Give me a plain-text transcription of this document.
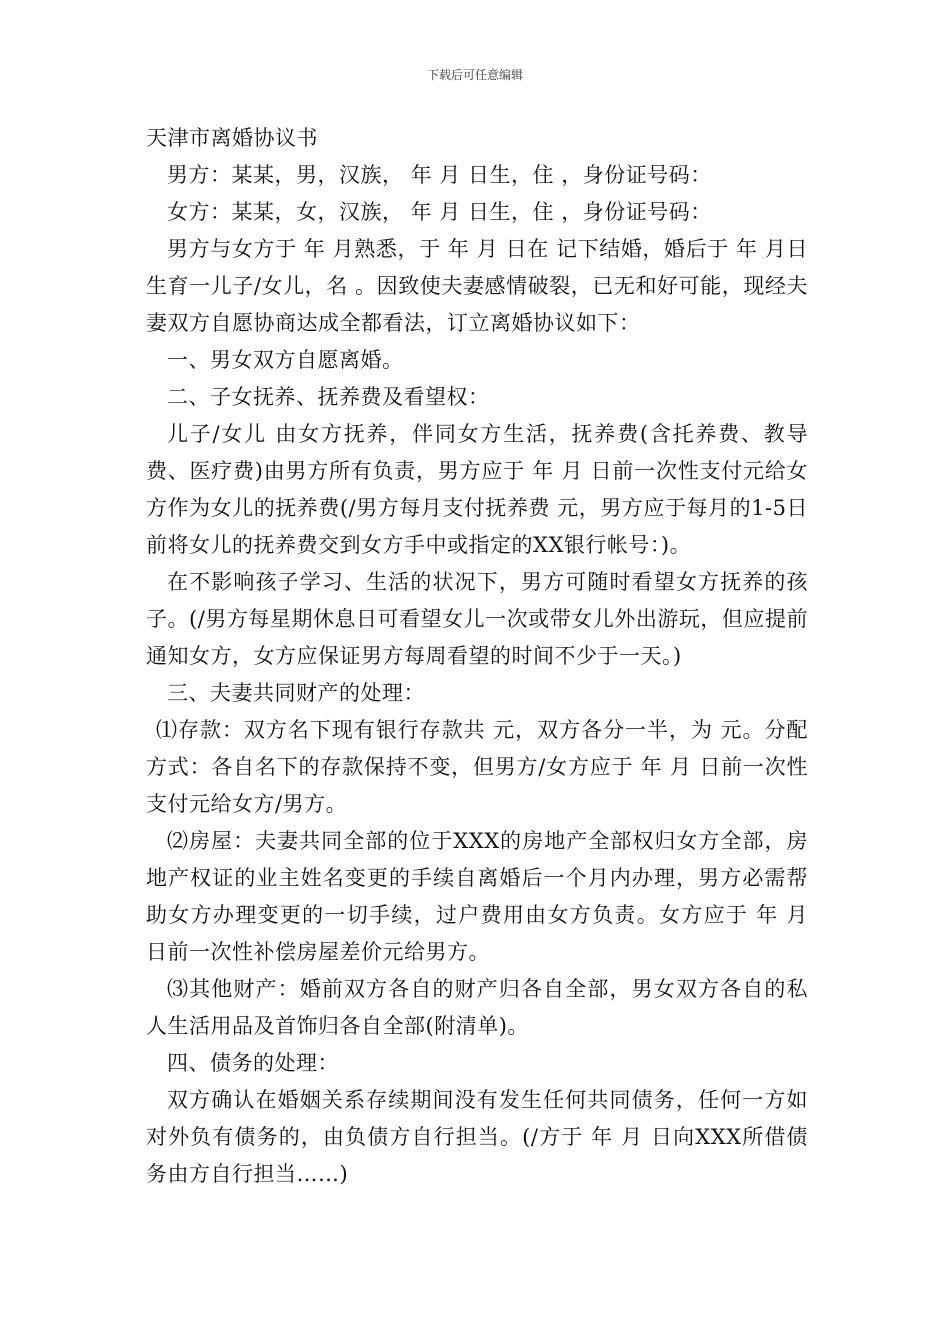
下载后可任意编辑

天津市离婚协议书

男方：某某，男，汉族， 年 月 日生，住 ，身份证号码：

女方：某某，女，汉族， 年 月 日生，住 ，身份证号码：

男方与女方于 年 月熟悉，于 年 月 日在 记下结婚，婚后于 年 月日生育一儿子/女儿，名 。因致使夫妻感情破裂，已无和好可能，现经夫妻双方自愿协商达成全都看法，订立离婚协议如下：

一、男女双方自愿离婚。

二、子女抚养、抚养费及看望权：

儿子/女儿 由女方抚养，伴同女方生活，抚养费(含托养费、教导费、医疗费)由男方所有负责，男方应于 年 月 日前一次性支付元给女方作为女儿的抚养费(/男方每月支付抚养费 元，男方应于每月的1-5日前将女儿的抚养费交到女方手中或指定的XX银行帐号：)。

在不影响孩子学习、生活的状况下，男方可随时看望女方抚养的孩子。(/男方每星期休息日可看望女儿一次或带女儿外出游玩，但应提前通知女方，女方应保证男方每周看望的时间不少于一天。)

三、夫妻共同财产的处理：

⑴存款：双方名下现有银行存款共 元，双方各分一半，为 元。分配方式：各自名下的存款保持不变，但男方/女方应于 年 月 日前一次性支付元给女方/男方。

⑵房屋：夫妻共同全部的位于XXX的房地产全部权归女方全部，房地产权证的业主姓名变更的手续自离婚后一个月内办理，男方必需帮助女方办理变更的一切手续，过户费用由女方负责。女方应于 年 月 日前一次性补偿房屋差价元给男方。

⑶其他财产：婚前双方各自的财产归各自全部，男女双方各自的私人生活用品及首饰归各自全部(附清单)。

四、债务的处理：

双方确认在婚姻关系存续期间没有发生任何共同债务，任何一方如对外负有债务的，由负债方自行担当。(/方于 年 月 日向XXX所借债务由方自行担当……)
